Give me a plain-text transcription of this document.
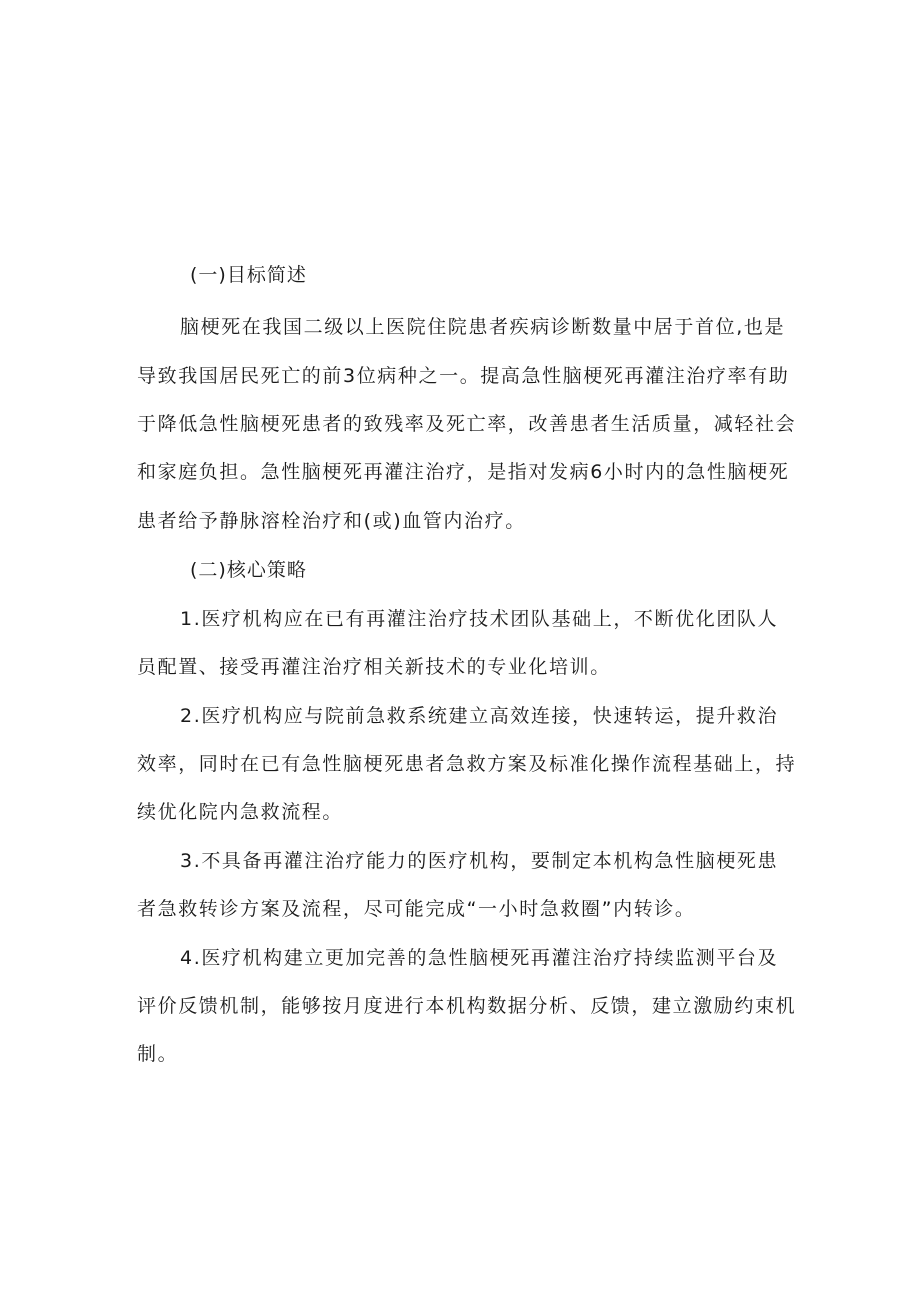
(一)目标简述
脑梗死在我国二级以上医院住院患者疾病诊断数量中居于首位,也是
导致我国居民死亡的前3位病种之一。提高急性脑梗死再灌注治疗率有助
于降低急性脑梗死患者的致残率及死亡率，改善患者生活质量，减轻社会
和家庭负担。急性脑梗死再灌注治疗，是指对发病6小时内的急性脑梗死
患者给予静脉溶栓治疗和(或)血管内治疗。
(二)核心策略
1.医疗机构应在已有再灌注治疗技术团队基础上，不断优化团队人
员配置、接受再灌注治疗相关新技术的专业化培训。
2.医疗机构应与院前急救系统建立高效连接，快速转运，提升救治
效率，同时在已有急性脑梗死患者急救方案及标准化操作流程基础上，持
续优化院内急救流程。
3.不具备再灌注治疗能力的医疗机构，要制定本机构急性脑梗死患
者急救转诊方案及流程，尽可能完成“一小时急救圈”内转诊。
4.医疗机构建立更加完善的急性脑梗死再灌注治疗持续监测平台及
评价反馈机制，能够按月度进行本机构数据分析、反馈，建立激励约束机
制。
